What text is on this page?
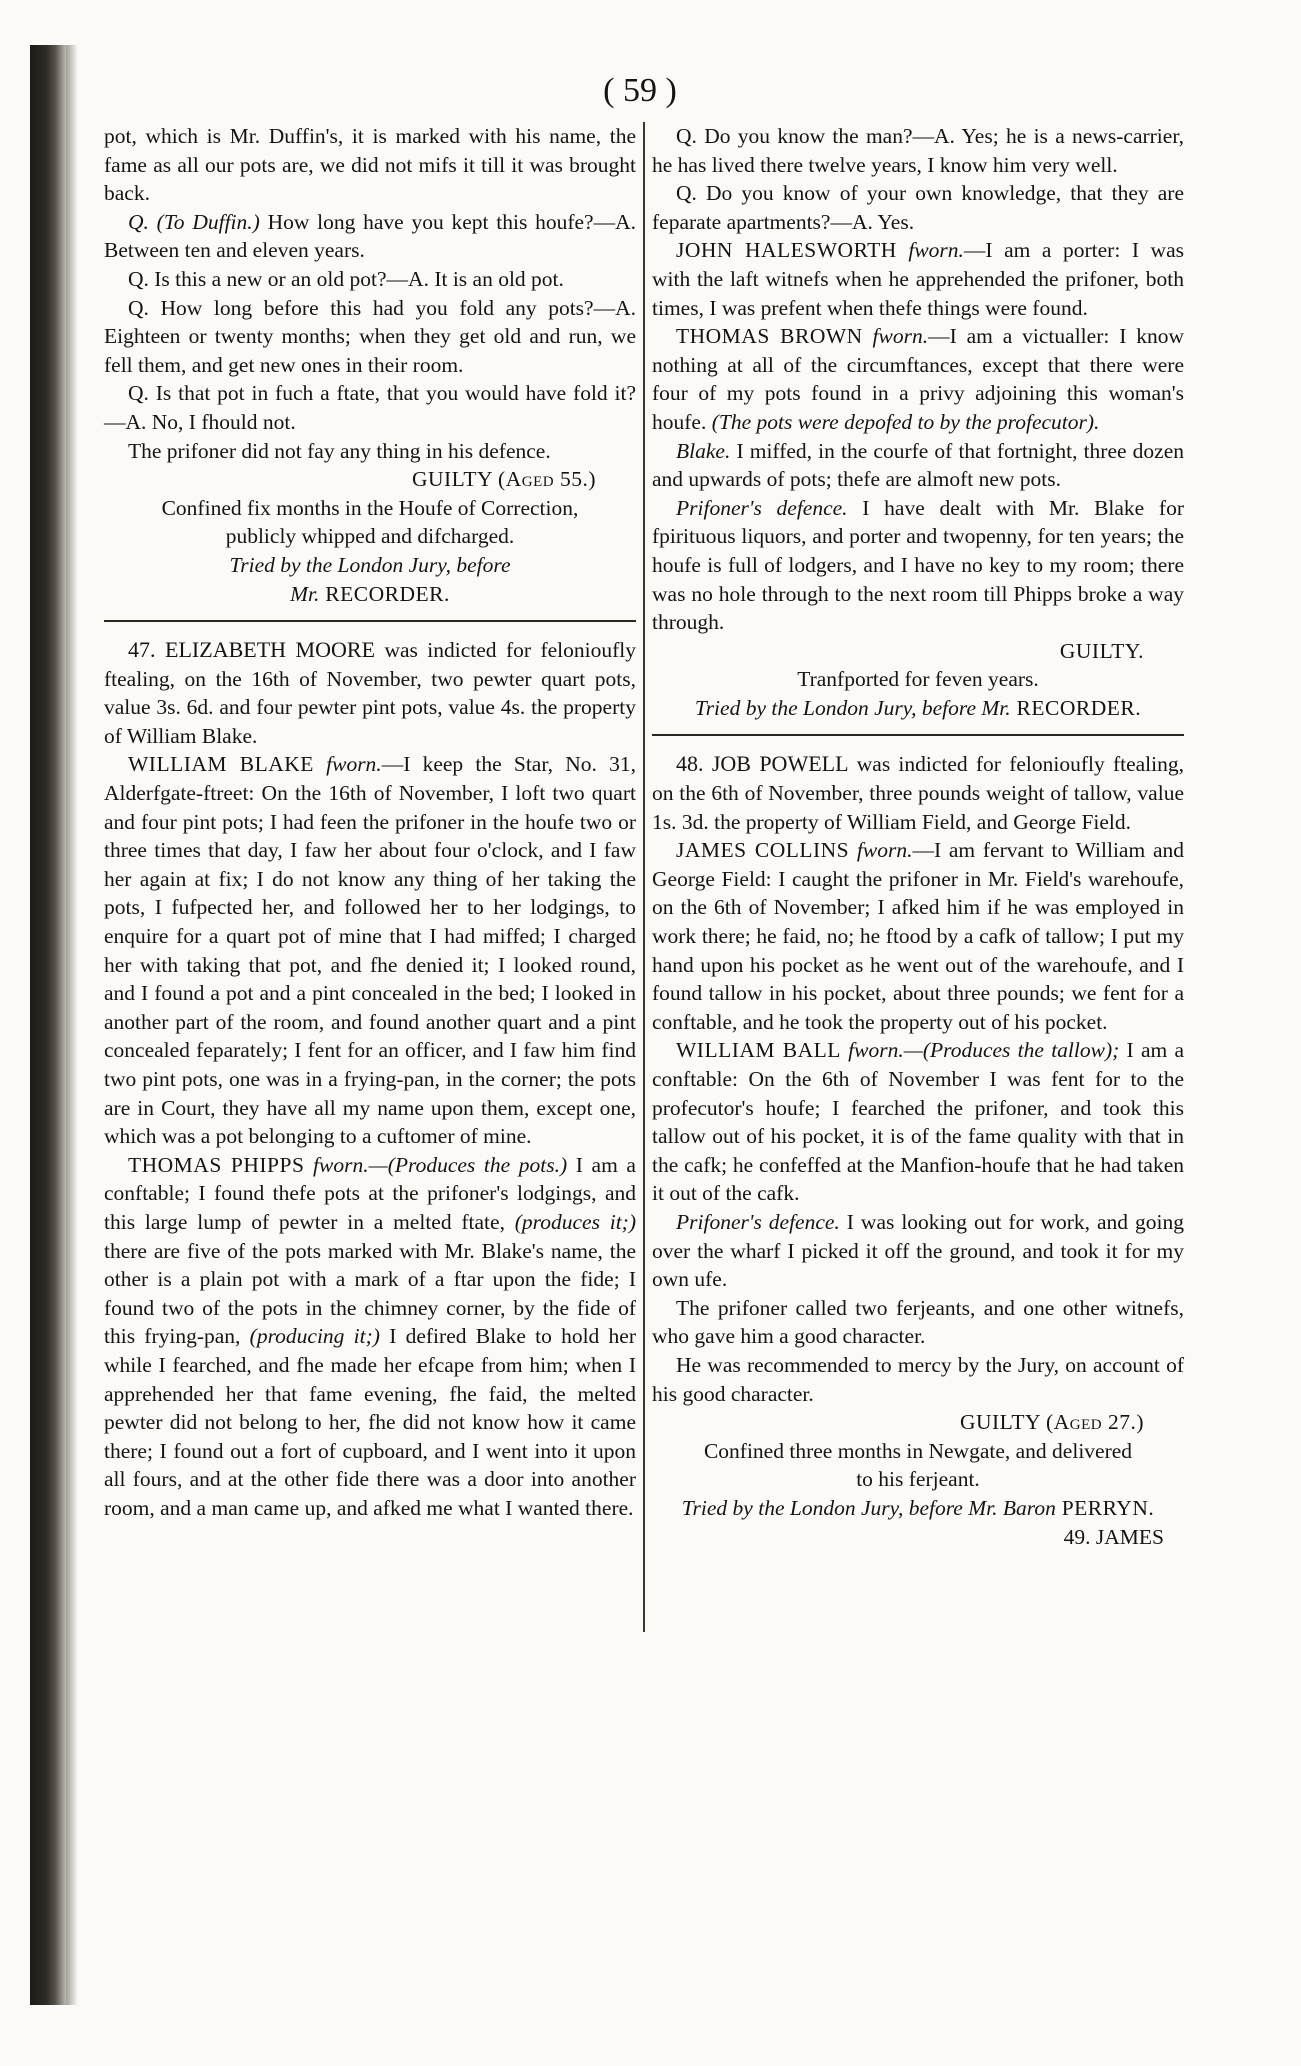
( 59 )

pot, which is Mr. Duffin's, it is marked with his name, the fame as all our pots are, we did not mifs it till it was brought back.

Q. (To Duffin.) How long have you kept this houfe?—A. Between ten and eleven years.

Q. Is this a new or an old pot?—A. It is an old pot.

Q. How long before this had you fold any pots?—A. Eighteen or twenty months; when they get old and run, we fell them, and get new ones in their room.

Q. Is that pot in fuch a ftate, that you would have fold it?—A. No, I fhould not.

The prifoner did not fay any thing in his defence.

GUILTY (Aged 55.)

Confined fix months in the Houfe of Correction,

publicly whipped and difcharged.

Tried by the London Jury, before

Mr. RECORDER.

47. ELIZABETH MOORE was indicted for felonioufly ftealing, on the 16th of November, two pewter quart pots, value 3s. 6d. and four pewter pint pots, value 4s. the property of William Blake.

WILLIAM BLAKE fworn.—I keep the Star, No. 31, Alderfgate-ftreet: On the 16th of November, I loft two quart and four pint pots; I had feen the prifoner in the houfe two or three times that day, I faw her about four o'clock, and I faw her again at fix; I do not know any thing of her taking the pots, I fufpected her, and followed her to her lodgings, to enquire for a quart pot of mine that I had miffed; I charged her with taking that pot, and fhe denied it; I looked round, and I found a pot and a pint concealed in the bed; I looked in another part of the room, and found another quart and a pint concealed feparately; I fent for an officer, and I faw him find two pint pots, one was in a frying-pan, in the corner; the pots are in Court, they have all my name upon them, except one, which was a pot belonging to a cuftomer of mine.

THOMAS PHIPPS fworn.—(Produces the pots.) I am a conftable; I found thefe pots at the prifoner's lodgings, and this large lump of pewter in a melted ftate, (produces it;) there are five of the pots marked with Mr. Blake's name, the other is a plain pot with a mark of a ftar upon the fide; I found two of the pots in the chimney corner, by the fide of this frying-pan, (producing it;) I defired Blake to hold her while I fearched, and fhe made her efcape from him; when I apprehended her that fame evening, fhe faid, the melted pewter did not belong to her, fhe did not know how it came there; I found out a fort of cupboard, and I went into it upon all fours, and at the other fide there was a door into another room, and a man came up, and afked me what I wanted there.

Q. Do you know the man?—A. Yes; he is a news-carrier, he has lived there twelve years, I know him very well.

Q. Do you know of your own knowledge, that they are feparate apartments?—A. Yes.

JOHN HALESWORTH fworn.—I am a porter: I was with the laft witnefs when he apprehended the prifoner, both times, I was prefent when thefe things were found.

THOMAS BROWN fworn.—I am a victualler: I know nothing at all of the circumftances, except that there were four of my pots found in a privy adjoining this woman's houfe. (The pots were depofed to by the profecutor).

Blake. I miffed, in the courfe of that fortnight, three dozen and upwards of pots; thefe are almoft new pots.

Prifoner's defence. I have dealt with Mr. Blake for fpirituous liquors, and porter and twopenny, for ten years; the houfe is full of lodgers, and I have no key to my room; there was no hole through to the next room till Phipps broke a way through.

GUILTY.

Tranfported for feven years.

Tried by the London Jury, before Mr. RECORDER.

48. JOB POWELL was indicted for felonioufly ftealing, on the 6th of November, three pounds weight of tallow, value 1s. 3d. the property of William Field, and George Field.

JAMES COLLINS fworn.—I am fervant to William and George Field: I caught the prifoner in Mr. Field's warehoufe, on the 6th of November; I afked him if he was employed in work there; he faid, no; he ftood by a cafk of tallow; I put my hand upon his pocket as he went out of the warehoufe, and I found tallow in his pocket, about three pounds; we fent for a conftable, and he took the property out of his pocket.

WILLIAM BALL fworn.—(Produces the tallow); I am a conftable: On the 6th of November I was fent for to the profecutor's houfe; I fearched the prifoner, and took this tallow out of his pocket, it is of the fame quality with that in the cafk; he confeffed at the Manfion-houfe that he had taken it out of the cafk.

Prifoner's defence. I was looking out for work, and going over the wharf I picked it off the ground, and took it for my own ufe.

The prifoner called two ferjeants, and one other witnefs, who gave him a good character.

He was recommended to mercy by the Jury, on account of his good character.

GUILTY (Aged 27.)

Confined three months in Newgate, and delivered

to his ferjeant.

Tried by the London Jury, before Mr. Baron PERRYN.

49. JAMES
